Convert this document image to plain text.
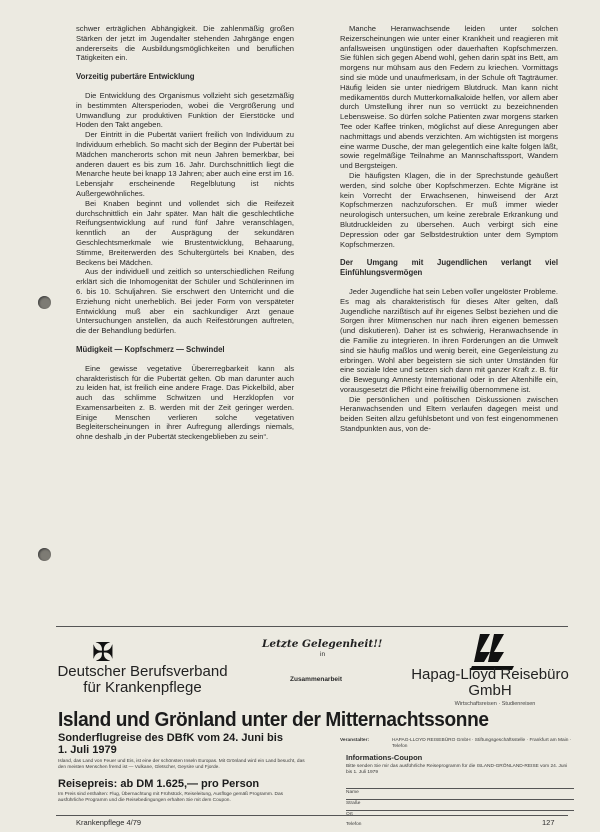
schwer erträglichen Abhängigkeit. Die zahlenmäßig großen Stärken der jetzt im Jugendalter stehenden Jahrgänge engen andererseits die Ausbildungsmöglichkeiten und beruflichen Tätigkeiten ein.

Vorzeitig pubertäre Entwicklung

Die Entwicklung des Organismus vollzieht sich gesetzmäßig in bestimmten Altersperioden, wobei die Vergrößerung und Umwandlung zur produktiven Funktion der Eierstöcke und Hoden den Takt angeben.

Der Eintritt in die Pubertät variiert freilich von Individuum zu Individuum erheblich. So macht sich der Beginn der Pubertät bei Mädchen mancherorts schon mit neun Jahren bemerkbar, bei anderen dauert es bis zum 16. Jahr. Durchschnittlich liegt die Menarche heute bei knapp 13 Jahren; aber auch eine erst im 16. Lebensjahr erscheinende Regelblutung ist nichts Außergewöhnliches.

Bei Knaben beginnt und vollendet sich die Reifezeit durchschnittlich ein Jahr später. Man hält die geschlechtliche Reifungsentwicklung auf rund fünf Jahre veranschlagen, kenntlich an der Ausprägung der sekundären Geschlechtsmerkmale wie Brustentwicklung, Behaarung, Stimme, Breiterwerden des Schultergürtels bei Knaben, des Beckens bei Mädchen.

Aus der individuell und zeitlich so unterschiedlichen Reifung erklärt sich die Inhomogenität der Schüler und Schülerinnen im 6. bis 10. Schuljahren. Sie erschwert den Unterricht und die Erziehung nicht unerheblich. Bei jeder Form von verspäteter Entwicklung muß aber ein sachkundiger Arzt genaue Untersuchungen anstellen, da auch Reifestörungen auftreten, die der Behandlung bedürfen.

Müdigkeit — Kopfschmerz — Schwindel

Eine gewisse vegetative Übererregbarkeit kann als charakteristisch für die Pubertät gelten. Ob man darunter auch zu leiden hat, ist freilich eine andere Frage. Das Pickelbild, aber auch das schlimme Schwitzen und Herzklopfen vor Examensarbeiten z. B. werden mit der Zeit geringer werden. Einige Menschen verlieren solche vegetativen Begleiterscheinungen in ihrer Aufregung allerdings niemals, ohne deshalb „in der Pubertät steckengeblieben zu sein“.

Manche Heranwachsende leiden unter solchen Reizerscheinungen wie unter einer Krankheit und reagieren mit anfallsweisen ungünstigen oder dauerhaften Kopfschmerzen. Sie fühlen sich gegen Abend wohl, gehen darin spät ins Bett, am morgens nur mühsam aus den Federn zu kriechen. Vormittags sind sie müde und unaufmerksam, in der Schule oft Tagträumer. Häufig leiden sie unter niedrigem Blutdruck. Man kann nicht medikamentös durch Mutterkornalkaloide helfen, vor allem aber durch Umstellung ihrer nun so verrückt zu bezeichnenden Lebensweise. So dürfen solche Patienten zwar morgens starken Tee oder Kaffee trinken, möglichst auf diese Anregungen aber nachmittags und abends verzichten. Am wichtigsten ist morgens eine warme Dusche, der man gelegentlich eine kalte folgen läßt, sowie regelmäßige Teilnahme an Mannschaftssport, Wandern und Bergsteigen.

Die häufigsten Klagen, die in der Sprechstunde geäußert werden, sind solche über Kopfschmerzen. Echte Migräne ist kein Vorrecht der Erwachsenen, hinweisend der Arzt Kopfschmerzen nachzuforschen. Er muß immer wieder neurologisch untersuchen, um keine zerebrale Erkrankung und Blutdruckleiden zu übersehen. Auch verbirgt sich eine Depression oder gar Selbstdestruktion unter dem Symptom Kopfschmerzen.

Der Umgang mit Jugendlichen verlangt viel Einfühlungsvermögen

Jeder Jugendliche hat sein Leben voller ungelöster Probleme. Es mag als charakteristisch für dieses Alter gelten, daß Jugendliche narzißtisch auf ihr eigenes Selbst beziehen und die Sorgen ihrer Mitmenschen nur nach ihren eigenen bemessen (und diskutieren). Daher ist es schwierig, Heranwachsende in die Familie zu integrieren. In ihren Forderungen an die Umwelt sind sie häufig maßlos und wenig bereit, eine Gegenleistung zu erbringen. Wohl aber begeistern sie sich unter Umständen für eine soziale Idee und setzen sich dann mit ganzer Kraft z. B. für die Bewegung Amnesty International oder in der Altenhilfe ein, vorausgesetzt die Pflicht eine freiwillig übernommene ist.

Die persönlichen und politischen Diskussionen zwischen Heranwachsenden und Eltern verlaufen dagegen meist und beiden Seiten allzu gefühlsbetont und von fest eingenommenen Standpunkten aus, von de-

✠
Deutscher Berufsverband
für Krankenpflege
Letzte Gelegenheit!!
in
Zusammenarbeit	Hapag-Lloyd Reisebüro
GmbH
Wirtschaftsreisen · Studienreisen
Island und Grönland unter der Mitternachtssonne
Sonderflugreise des DBfK vom 24. Juni bis
1. Juli 1979
Island, das Land von Feuer und Eis, ist eine der schönsten Inseln Europas. Mit Grönland wird ein Land besucht, das den meisten Menschen fremd ist — Vulkane, Gletscher, Geysire und Fjorde.
Reisepreis: ab DM 1.625,— pro Person
Im Preis sind enthalten: Flug, Übernachtung mit Frühstück, Reiseleitung, Ausflüge gemäß Programm. Das ausführliche Programm und die Reisebedingungen erhalten Sie mit dem Coupon.
Veranstalter:	HAPAG-LLOYD REISEBÜRO GmbH · Stiftungsgeschäftsstelle · Frankfurt am Main · Telefon
Informations-Coupon
Bitte senden Sie mir das ausführliche Reiseprogramm für die ISLAND-GRÖNLAND-REISE vom 24. Juni bis 1. Juli 1979
Name
Straße
Telefon
Krankenpflege 4/79	127
